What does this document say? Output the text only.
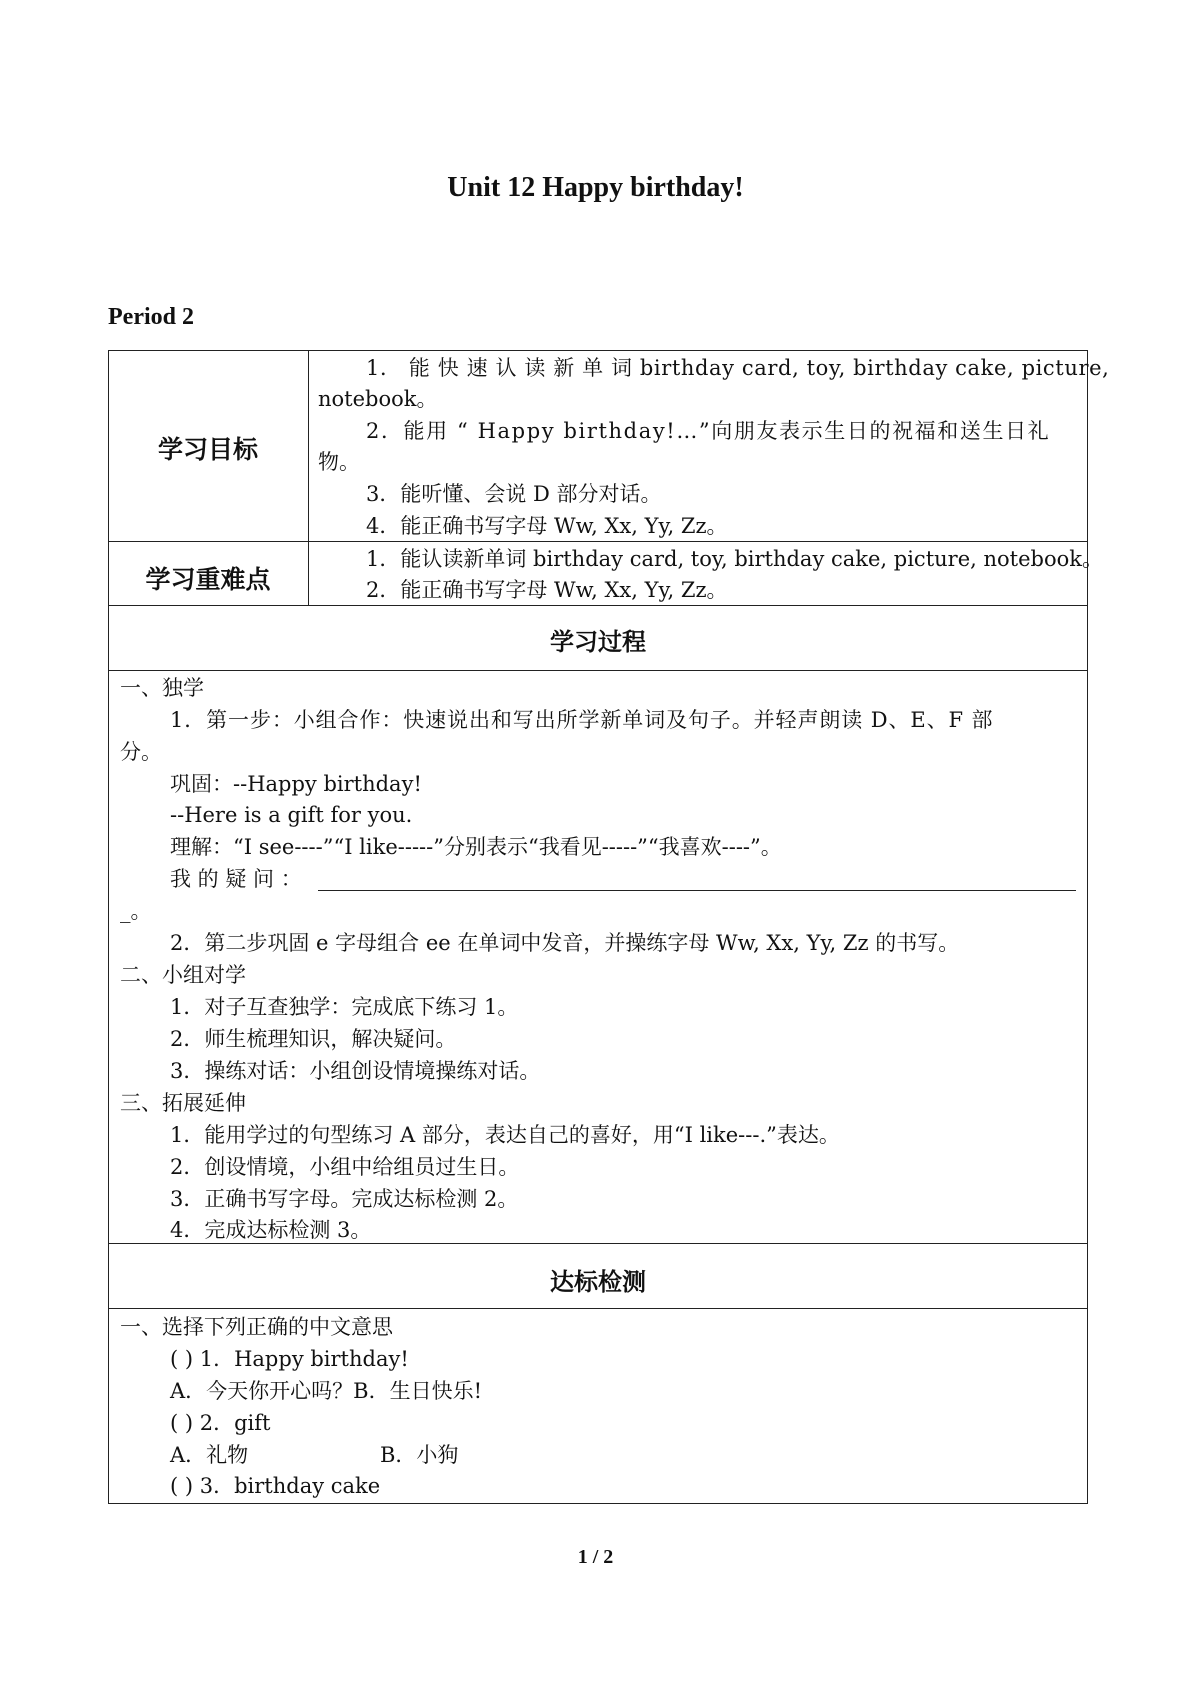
Unit 12 Happy birthday!
Period 2
学习目标
1． 能 快 速 认 读 新 单 词 birthday card, toy, birthday cake, picture,
notebook。
2．能用 “ Happy birthday!…”向朋友表示生日的祝福和送生日礼
物。
3．能听懂、会说 D 部分对话。
4．能正确书写字母 Ww, Xx, Yy, Zz。
学习重难点
1．能认读新单词 birthday card, toy, birthday cake, picture, notebook。
2．能正确书写字母 Ww, Xx, Yy, Zz。
学习过程
一、独学
1．第一步：小组合作：快速说出和写出所学新单词及句子。并轻声朗读 D、E、F 部
分。
巩固：--Happy birthday!
--Here is a gift for you.
理解：“I see----”“I like-----”分别表示“我看见-----”“我喜欢----”。
我 的 疑 问 ：
_。
2．第二步巩固 e 字母组合 ee 在单词中发音，并操练字母 Ww, Xx, Yy, Zz 的书写。
二、小组对学
1．对子互查独学：完成底下练习 1。
2．师生梳理知识，解决疑问。
3．操练对话：小组创设情境操练对话。
三、拓展延伸
1．能用学过的句型练习 A 部分，表达自己的喜好，用“I like---.”表达。
2．创设情境，小组中给组员过生日。
3．正确书写字母。完成达标检测 2。
4．完成达标检测 3。
达标检测
一、选择下列正确的中文意思
( ) 1．Happy birthday!
A．今天你开心吗？B．生日快乐!
( ) 2．gift
A．礼物	B．小狗
( ) 3．birthday cake
1 / 2
